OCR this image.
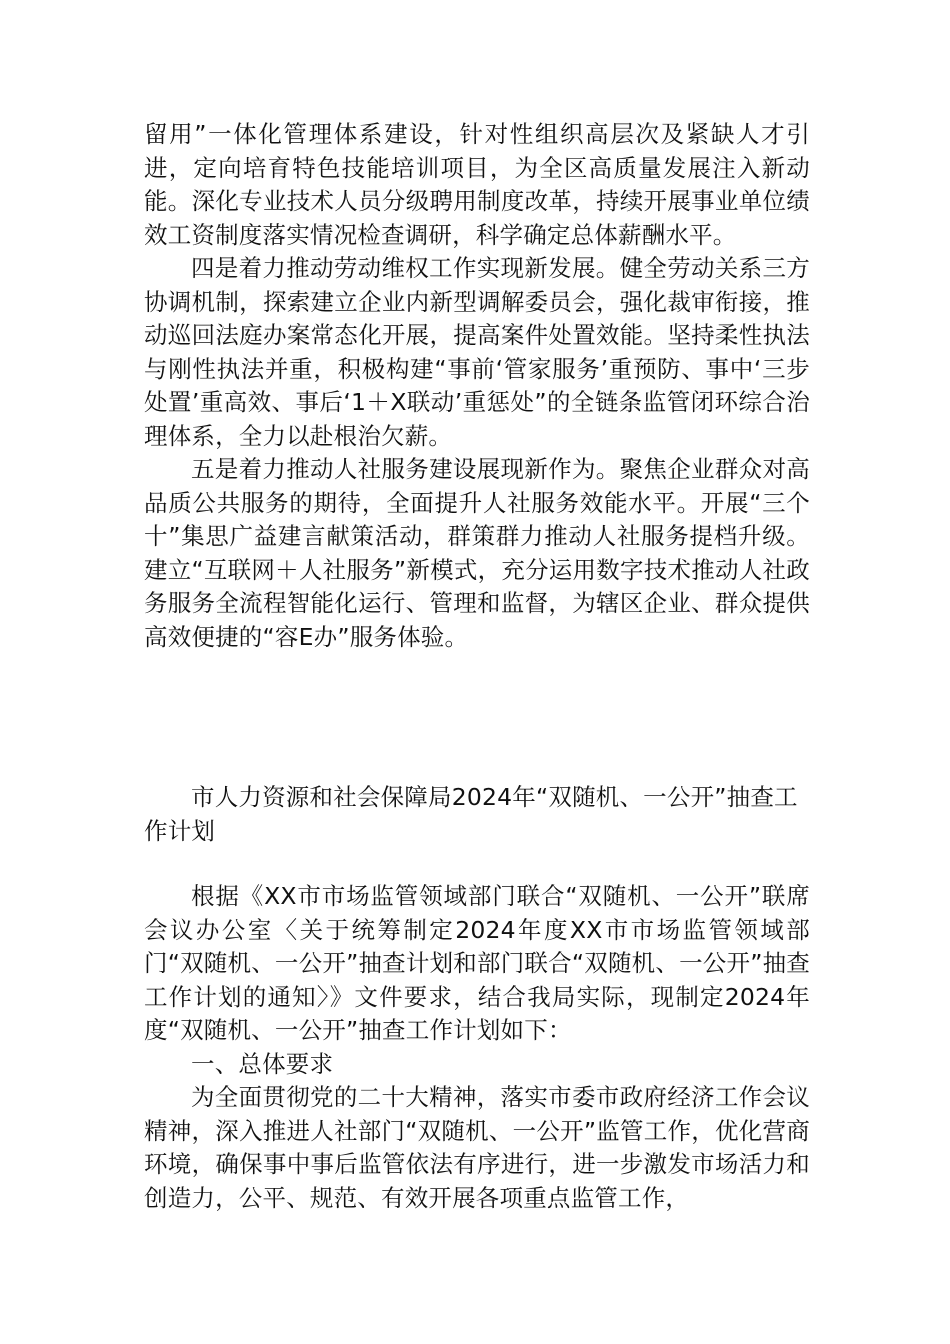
留用”一体化管理体系建设，针对性组织高层次及紧缺人才引进，定向培育特色技能培训项目，为全区高质量发展注入新动能。深化专业技术人员分级聘用制度改革，持续开展事业单位绩效工资制度落实情况检查调研，科学确定总体薪酬水平。

四是着力推动劳动维权工作实现新发展。健全劳动关系三方协调机制，探索建立企业内新型调解委员会，强化裁审衔接，推动巡回法庭办案常态化开展，提高案件处置效能。坚持柔性执法与刚性执法并重，积极构建“事前‘管家服务’重预防、事中‘三步处置’重高效、事后‘1＋X联动’重惩处”的全链条监管闭环综合治理体系，全力以赴根治欠薪。

五是着力推动人社服务建设展现新作为。聚焦企业群众对高品质公共服务的期待，全面提升人社服务效能水平。开展“三个十”集思广益建言献策活动，群策群力推动人社服务提档升级。建立“互联网＋人社服务”新模式，充分运用数字技术推动人社政务服务全流程智能化运行、管理和监督，为辖区企业、群众提供高效便捷的“容E办”服务体验。

市人力资源和社会保障局2024年“双随机、一公开”抽查工作计划

根据《XX市市场监管领域部门联合“双随机、一公开”联席会议办公室〈关于统筹制定2024年度XX市市场监管领域部门“双随机、一公开”抽查计划和部门联合“双随机、一公开”抽查工作计划的通知〉》文件要求，结合我局实际，现制定2024年度“双随机、一公开”抽查工作计划如下：

一、总体要求

为全面贯彻党的二十大精神，落实市委市政府经济工作会议精神，深入推进人社部门“双随机、一公开”监管工作，优化营商环境，确保事中事后监管依法有序进行，进一步激发市场活力和创造力，公平、规范、有效开展各项重点监管工作，
